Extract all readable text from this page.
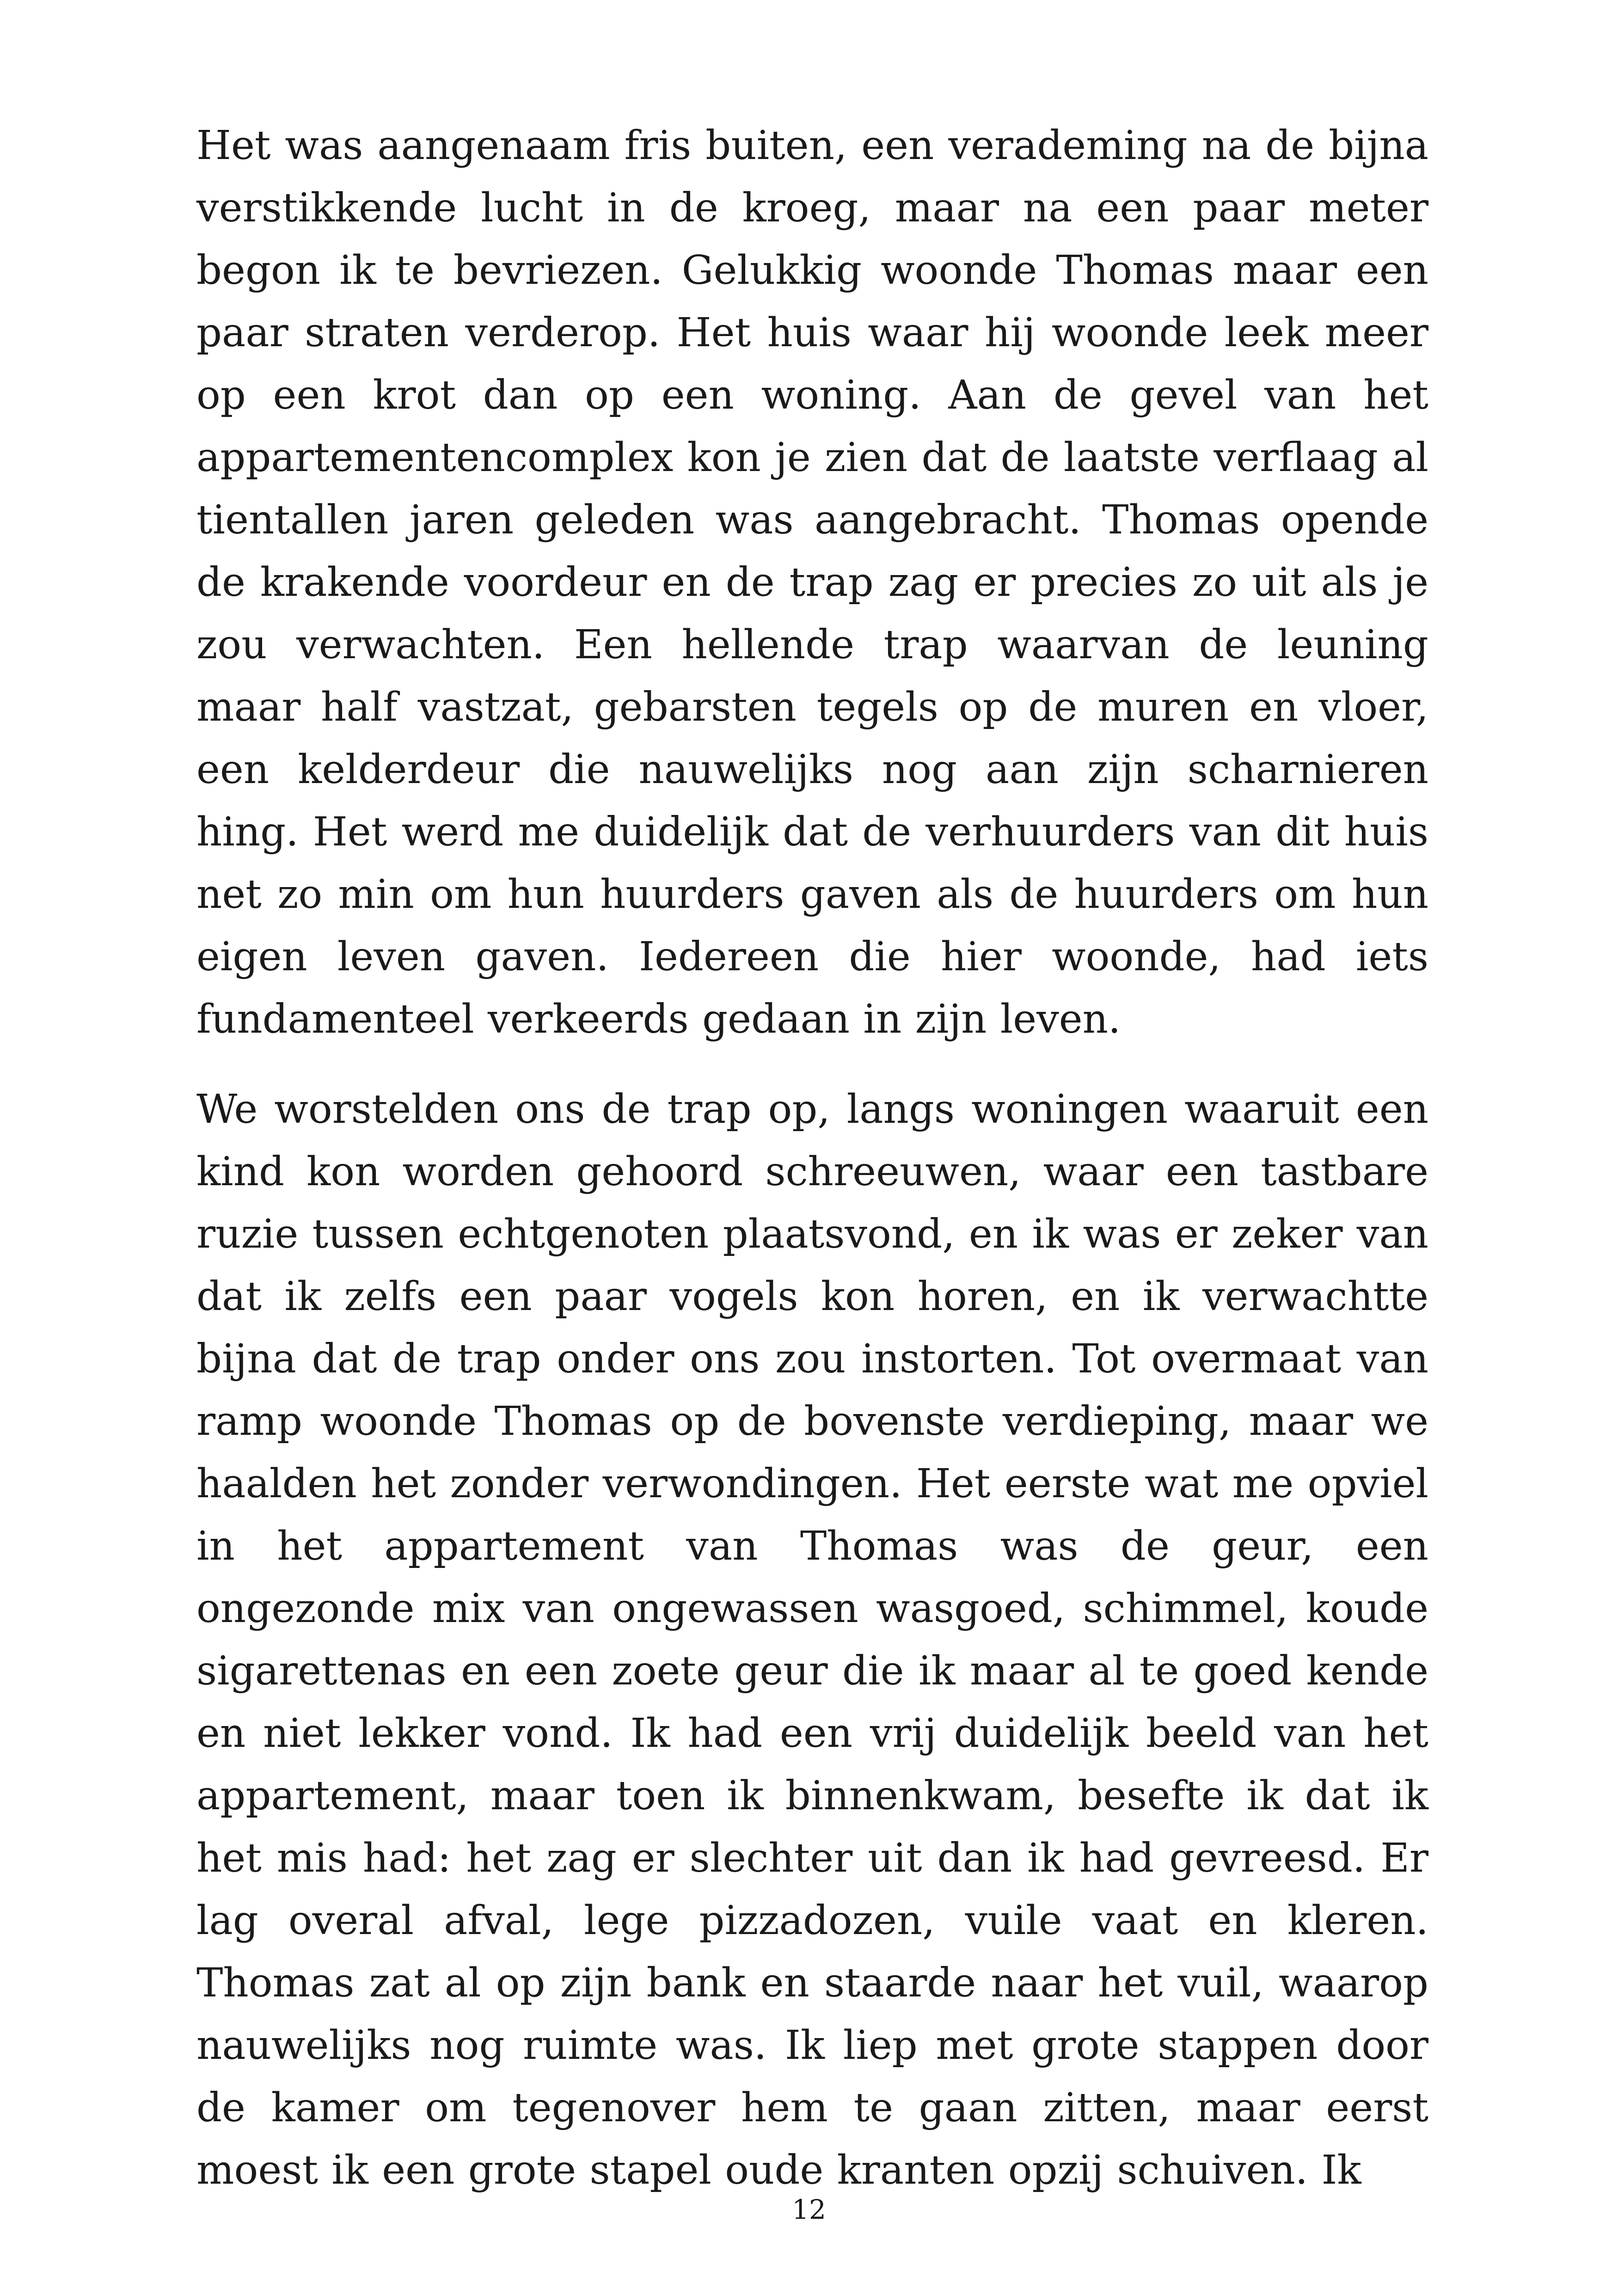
Het was aangenaam fris buiten, een verademing na de bijna verstikkende lucht in de kroeg, maar na een paar meter begon ik te bevriezen. Gelukkig woonde Thomas maar een paar straten verderop. Het huis waar hij woonde leek meer op een krot dan op een woning. Aan de gevel van het appartementencomplex kon je zien dat de laatste verflaag al tientallen jaren geleden was aangebracht. Thomas opende de krakende voordeur en de trap zag er precies zo uit als je zou verwachten. Een hellende trap waarvan de leuning maar half vastzat, gebarsten tegels op de muren en vloer, een kelderdeur die nauwelijks nog aan zijn scharnieren hing. Het werd me duidelijk dat de verhuurders van dit huis net zo min om hun huurders gaven als de huurders om hun eigen leven gaven. Iedereen die hier woonde, had iets fundamenteel verkeerds gedaan in zijn leven.

We worstelden ons de trap op, langs woningen waaruit een kind kon worden gehoord schreeuwen, waar een tastbare ruzie tussen echtgenoten plaatsvond, en ik was er zeker van dat ik zelfs een paar vogels kon horen, en ik verwachtte bijna dat de trap onder ons zou instorten. Tot overmaat van ramp woonde Thomas op de bovenste verdieping, maar we haalden het zonder verwondingen. Het eerste wat me opviel in het appartement van Thomas was de geur, een ongezonde mix van ongewassen wasgoed, schimmel, koude sigarettenas en een zoete geur die ik maar al te goed kende en niet lekker vond. Ik had een vrij duidelijk beeld van het appartement, maar toen ik binnenkwam, besefte ik dat ik het mis had: het zag er slechter uit dan ik had gevreesd. Er lag overal afval, lege pizzadozen, vuile vaat en kleren. Thomas zat al op zijn bank en staarde naar het vuil, waarop nauwelijks nog ruimte was. Ik liep met grote stappen door de kamer om tegenover hem te gaan zitten, maar eerst moest ik een grote stapel oude kranten opzij schuiven. Ik

12
